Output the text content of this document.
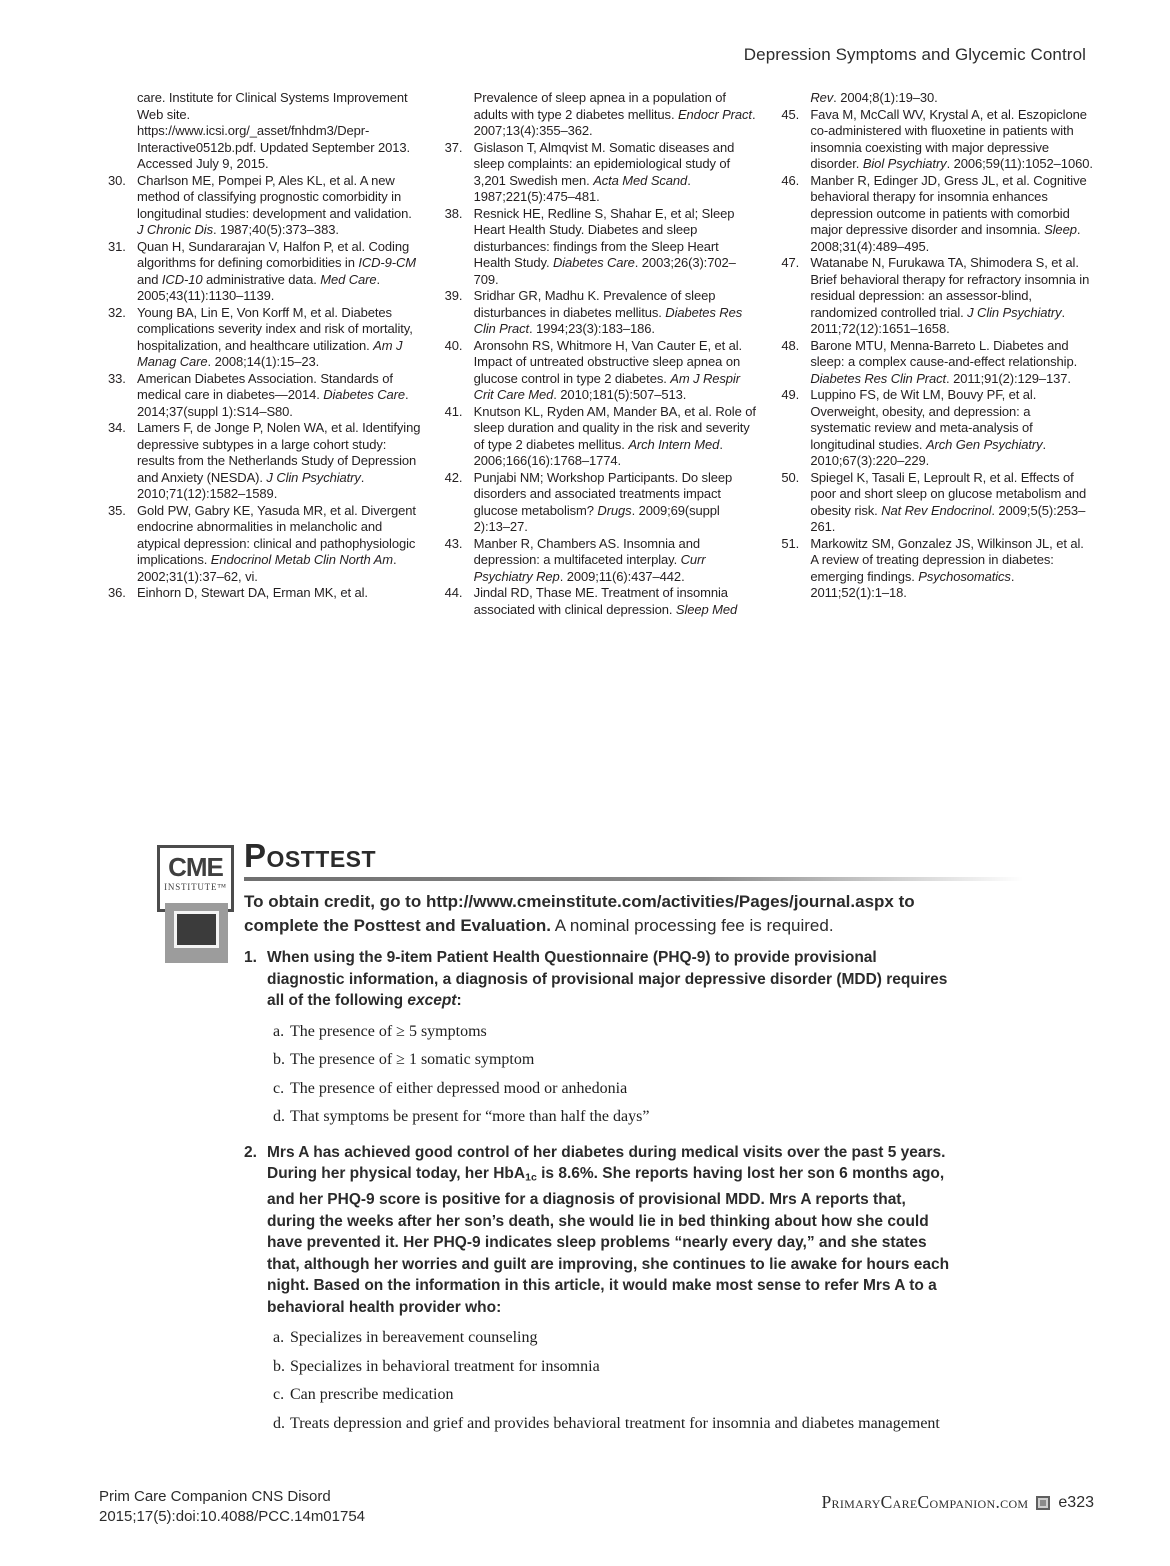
Depression Symptoms and Glycemic Control
care. Institute for Clinical Systems Improvement Web site. https://www.icsi.org/_asset/fnhdm3/Depr-Interactive0512b.pdf. Updated September 2013. Accessed July 9, 2015.
30. Charlson ME, Pompei P, Ales KL, et al. A new method of classifying prognostic comorbidity in longitudinal studies: development and validation. J Chronic Dis. 1987;40(5):373–383.
31. Quan H, Sundararajan V, Halfon P, et al. Coding algorithms for defining comorbidities in ICD-9-CM and ICD-10 administrative data. Med Care. 2005;43(11):1130–1139.
32. Young BA, Lin E, Von Korff M, et al. Diabetes complications severity index and risk of mortality, hospitalization, and healthcare utilization. Am J Manag Care. 2008;14(1):15–23.
33. American Diabetes Association. Standards of medical care in diabetes—2014. Diabetes Care. 2014;37(suppl 1):S14–S80.
34. Lamers F, de Jonge P, Nolen WA, et al. Identifying depressive subtypes in a large cohort study: results from the Netherlands Study of Depression and Anxiety (NESDA). J Clin Psychiatry. 2010;71(12):1582–1589.
35. Gold PW, Gabry KE, Yasuda MR, et al. Divergent endocrine abnormalities in melancholic and atypical depression: clinical and pathophysiologic implications. Endocrinol Metab Clin North Am. 2002;31(1):37–62, vi.
36. Einhorn D, Stewart DA, Erman MK, et al.
Prevalence of sleep apnea in a population of adults with type 2 diabetes mellitus. Endocr Pract. 2007;13(4):355–362.
37. Gislason T, Almqvist M. Somatic diseases and sleep complaints: an epidemiological study of 3,201 Swedish men. Acta Med Scand. 1987;221(5):475–481.
38. Resnick HE, Redline S, Shahar E, et al; Sleep Heart Health Study. Diabetes and sleep disturbances: findings from the Sleep Heart Health Study. Diabetes Care. 2003;26(3):702–709.
39. Sridhar GR, Madhu K. Prevalence of sleep disturbances in diabetes mellitus. Diabetes Res Clin Pract. 1994;23(3):183–186.
40. Aronsohn RS, Whitmore H, Van Cauter E, et al. Impact of untreated obstructive sleep apnea on glucose control in type 2 diabetes. Am J Respir Crit Care Med. 2010;181(5):507–513.
41. Knutson KL, Ryden AM, Mander BA, et al. Role of sleep duration and quality in the risk and severity of type 2 diabetes mellitus. Arch Intern Med. 2006;166(16):1768–1774.
42. Punjabi NM; Workshop Participants. Do sleep disorders and associated treatments impact glucose metabolism? Drugs. 2009;69(suppl 2):13–27.
43. Manber R, Chambers AS. Insomnia and depression: a multifaceted interplay. Curr Psychiatry Rep. 2009;11(6):437–442.
44. Jindal RD, Thase ME. Treatment of insomnia associated with clinical depression. Sleep Med
Rev. 2004;8(1):19–30.
45. Fava M, McCall WV, Krystal A, et al. Eszopiclone co-administered with fluoxetine in patients with insomnia coexisting with major depressive disorder. Biol Psychiatry. 2006;59(11):1052–1060.
46. Manber R, Edinger JD, Gress JL, et al. Cognitive behavioral therapy for insomnia enhances depression outcome in patients with comorbid major depressive disorder and insomnia. Sleep. 2008;31(4):489–495.
47. Watanabe N, Furukawa TA, Shimodera S, et al. Brief behavioral therapy for refractory insomnia in residual depression: an assessor-blind, randomized controlled trial. J Clin Psychiatry. 2011;72(12):1651–1658.
48. Barone MTU, Menna-Barreto L. Diabetes and sleep: a complex cause-and-effect relationship. Diabetes Res Clin Pract. 2011;91(2):129–137.
49. Luppino FS, de Wit LM, Bouvy PF, et al. Overweight, obesity, and depression: a systematic review and meta-analysis of longitudinal studies. Arch Gen Psychiatry. 2010;67(3):220–229.
50. Spiegel K, Tasali E, Leproult R, et al. Effects of poor and short sleep on glucose metabolism and obesity risk. Nat Rev Endocrinol. 2009;5(5):253–261.
51. Markowitz SM, Gonzalez JS, Wilkinson JL, et al. A review of treating depression in diabetes: emerging findings. Psychosomatics. 2011;52(1):1–18.
CME
INSTITUTE™
Posttest

To obtain credit, go to http://www.cmeinstitute.com/activities/Pages/journal.aspx to complete the Posttest and Evaluation. A nominal processing fee is required.

1. When using the 9-item Patient Health Questionnaire (PHQ-9) to provide provisional diagnostic information, a diagnosis of provisional major depressive disorder (MDD) requires all of the following except:
a. The presence of ≥ 5 symptoms
b. The presence of ≥ 1 somatic symptom
c. The presence of either depressed mood or anhedonia
d. That symptoms be present for “more than half the days”
2. Mrs A has achieved good control of her diabetes during medical visits over the past 5 years. During her physical today, her HbA$_{1c}$ is 8.6%. She reports having lost her son 6 months ago, and her PHQ-9 score is positive for a diagnosis of provisional MDD. Mrs A reports that, during the weeks after her son’s death, she would lie in bed thinking about how she could have prevented it. Her PHQ-9 indicates sleep problems “nearly every day,” and she states that, although her worries and guilt are improving, she continues to lie awake for hours each night. Based on the information in this article, it would make most sense to refer Mrs A to a behavioral health provider who:
a. Specializes in bereavement counseling
b. Specializes in behavioral treatment for insomnia
c. Can prescribe medication
d. Treats depression and grief and provides behavioral treatment for insomnia and diabetes management
Prim Care Companion CNS Disord
2015;17(5):doi:10.4088/PCC.14m01754
PrimaryCareCompanion.com e323
